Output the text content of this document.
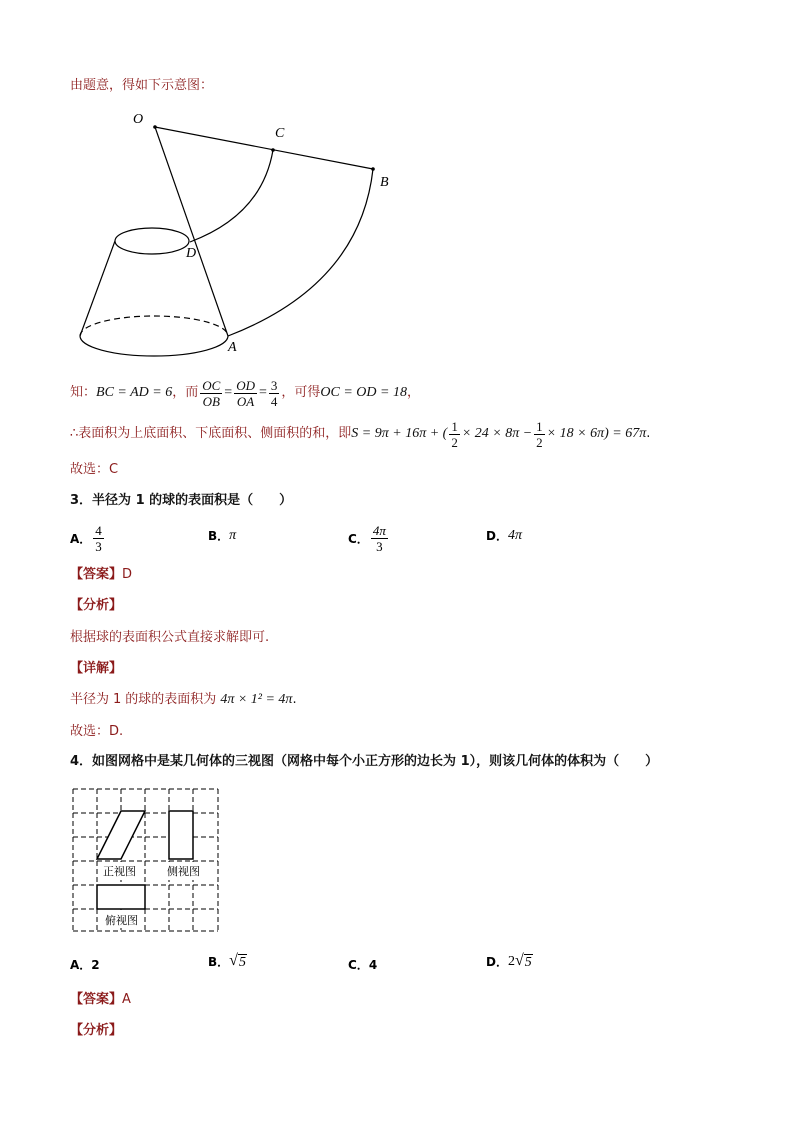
由题意，得如下示意图：
O
C
B
D
A
知： BC = AD = 6 ，而 $\frac{OC}{OB} = \frac{OD}{OA} = \frac{3}{4}$ ，可得 OC = OD = 18 ，
∴表面积为上底面积、下底面积、侧面积的和，即 S = 9π + 16π + ( $\frac{1}{2} \times 24 \times 8\pi - \frac{1}{2} \times 18 \times 6\pi) = 67\pi$ .
故选：C
3．半径为 1 的球的表面积是（　　）
A． $\frac{4}{3}$	B． π	C． $\frac{4\pi}{3}$	D． 4π
【答案】D
【分析】
根据球的表面积公式直接求解即可.
【详解】
半径为 1 的球的表面积为 4π × 1² = 4π .
故选：D.
4．如图网格中是某几何体的三视图（网格中每个小正方形的边长为 1），则该几何体的体积为（　　）
正视图	侧视图
俯视图
A． 2	B． √ 5	C． 4	D． 2 √ 5
【答案】A
【分析】
